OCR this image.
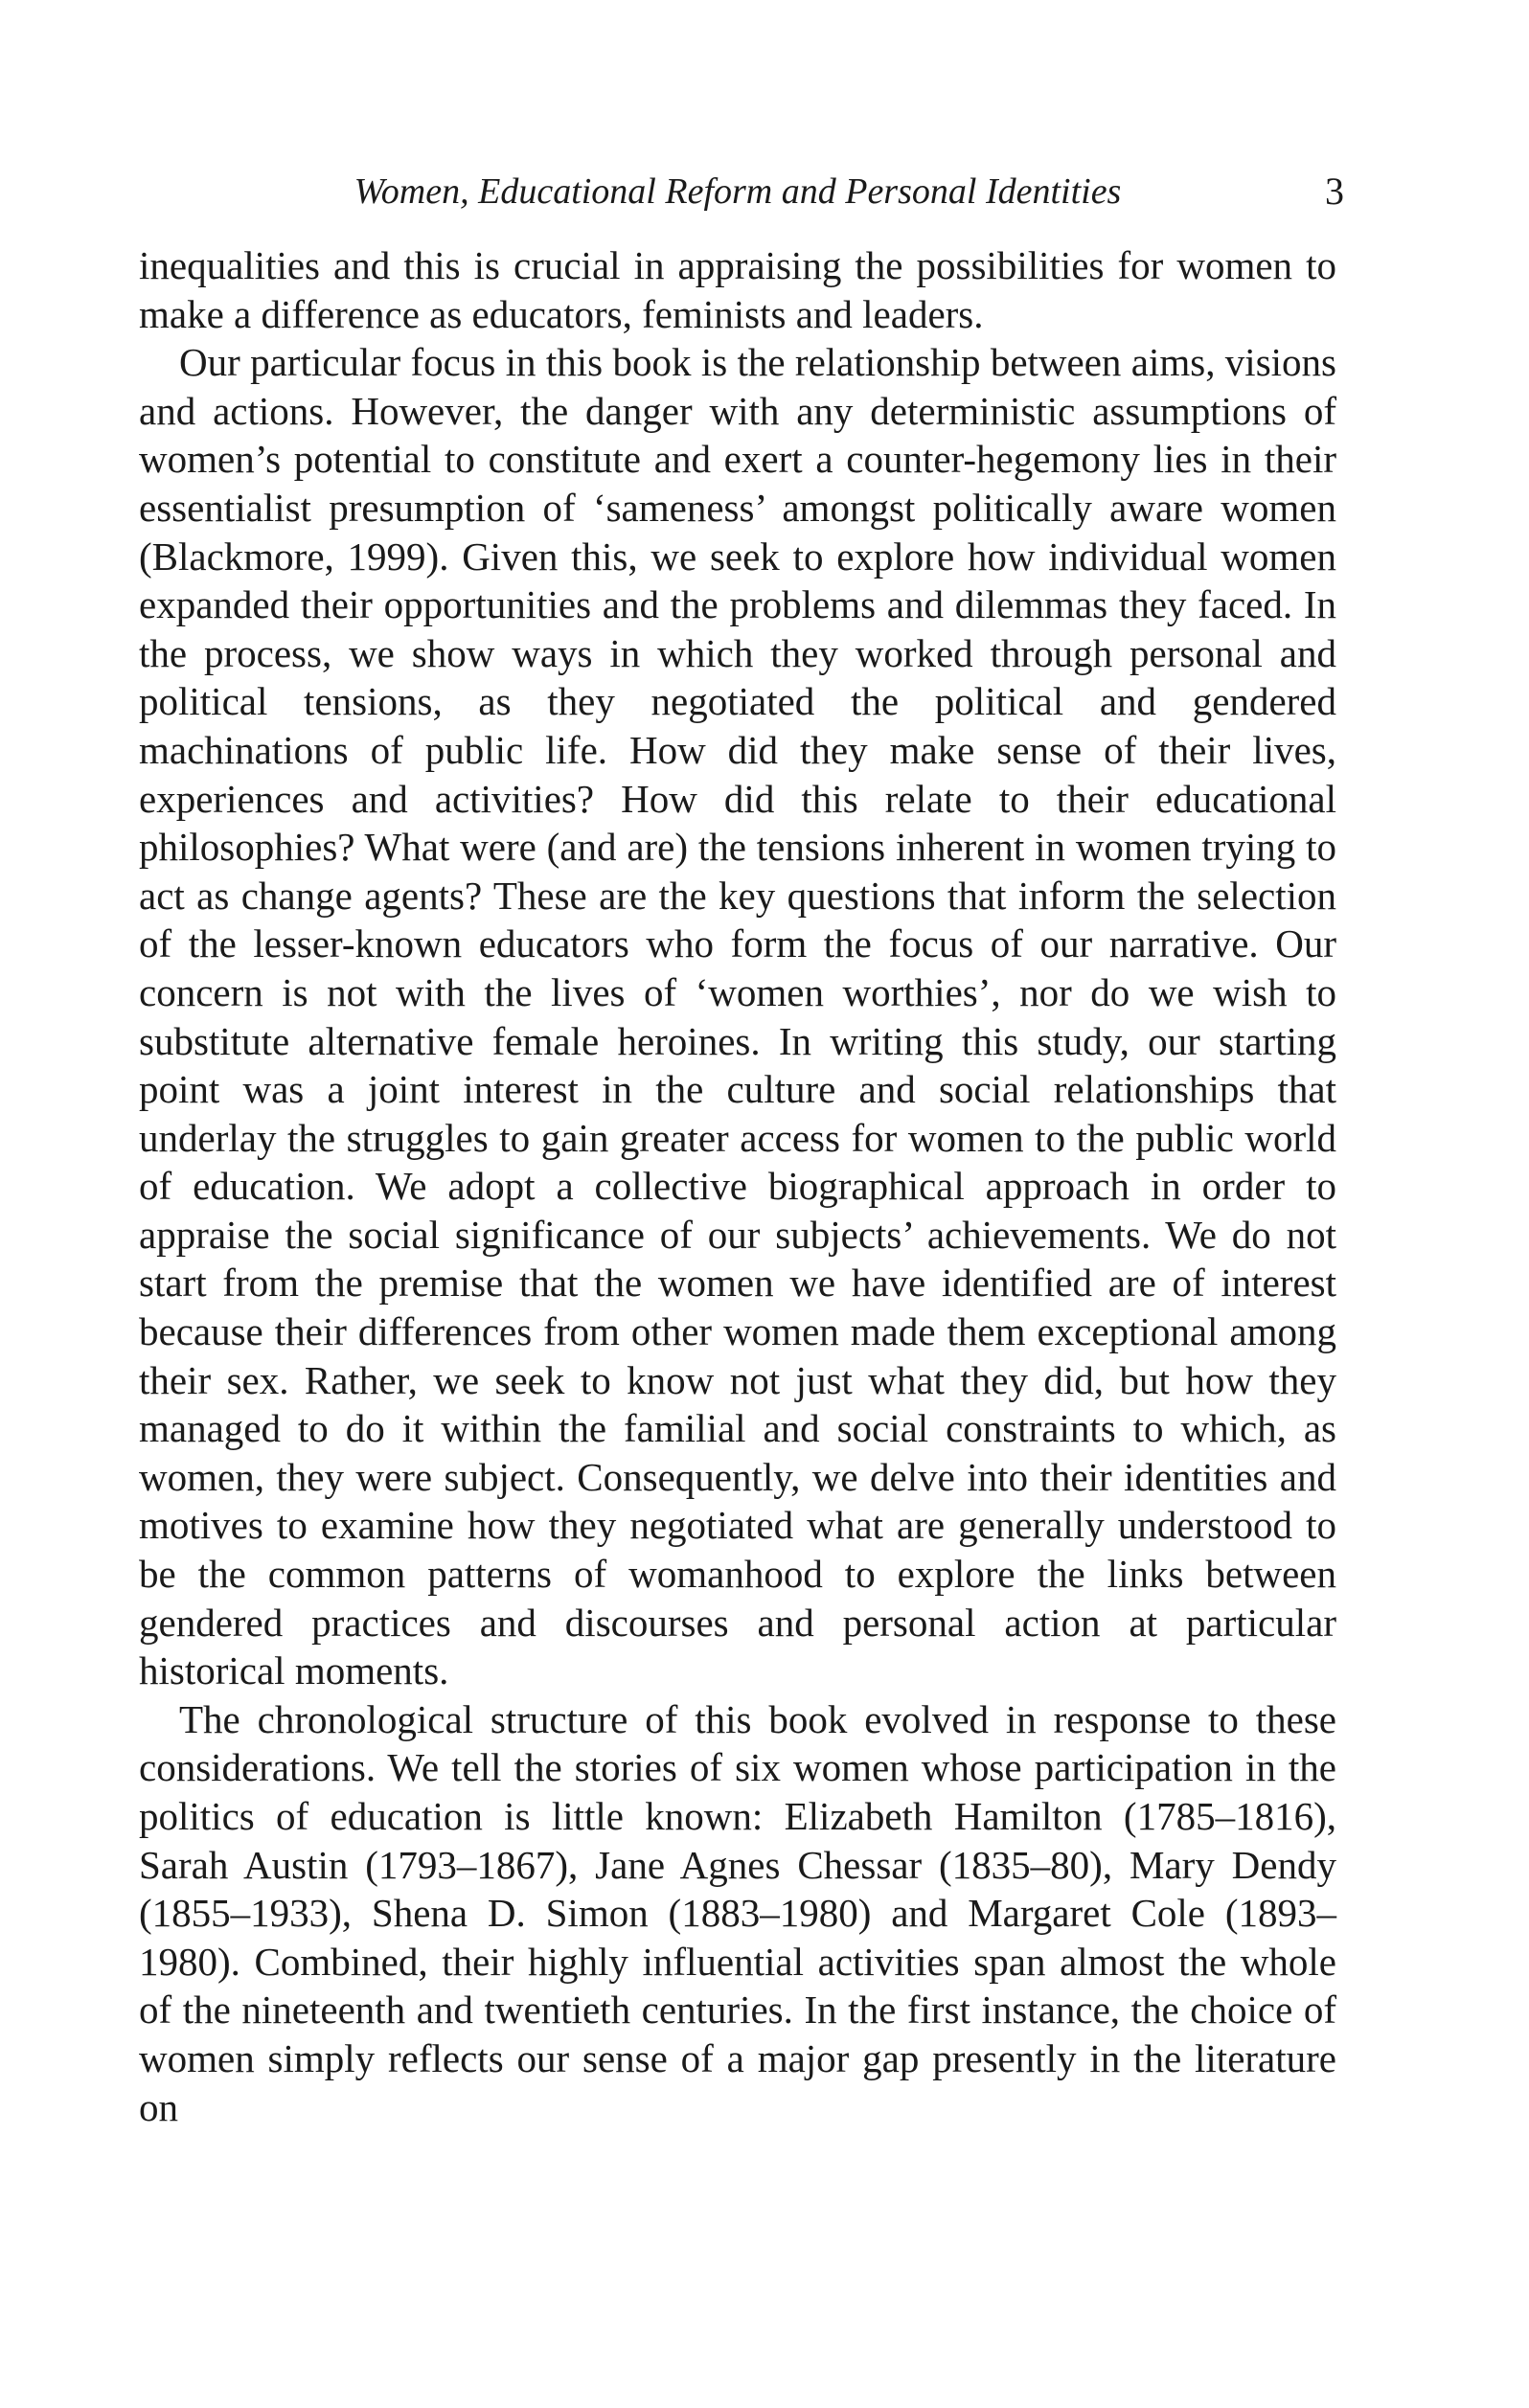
Women, Educational Reform and Personal Identities	3

inequalities and this is crucial in appraising the possibilities for women to make a difference as educators, feminists and leaders.

Our particular focus in this book is the relationship between aims, visions and actions. However, the danger with any deterministic assumptions of women’s potential to constitute and exert a counter-hegemony lies in their essentialist presumption of ‘sameness’ amongst politically aware women (Blackmore, 1999). Given this, we seek to explore how individual women expanded their opportunities and the problems and dilemmas they faced. In the process, we show ways in which they worked through personal and political tensions, as they negotiated the political and gendered machinations of public life. How did they make sense of their lives, experiences and activities? How did this relate to their educational philosophies? What were (and are) the tensions inherent in women trying to act as change agents? These are the key questions that inform the selection of the lesser-known educators who form the focus of our narrative. Our concern is not with the lives of ‘women worthies’, nor do we wish to substitute alternative female heroines. In writing this study, our starting point was a joint interest in the culture and social relationships that underlay the struggles to gain greater access for women to the public world of education. We adopt a collective biographical approach in order to appraise the social significance of our subjects’ achievements. We do not start from the premise that the women we have identified are of interest because their differences from other women made them exceptional among their sex. Rather, we seek to know not just what they did, but how they managed to do it within the familial and social constraints to which, as women, they were subject. Consequently, we delve into their identities and motives to examine how they negotiated what are generally understood to be the common patterns of womanhood to explore the links between gendered practices and discourses and personal action at particular historical moments.

The chronological structure of this book evolved in response to these considerations. We tell the stories of six women whose participation in the politics of education is little known: Elizabeth Hamilton (1785–1816), Sarah Austin (1793–1867), Jane Agnes Chessar (1835–80), Mary Dendy (1855–1933), Shena D. Simon (1883–1980) and Margaret Cole (1893–1980). Combined, their highly influential activities span almost the whole of the nineteenth and twentieth centuries. In the first instance, the choice of women simply reflects our sense of a major gap presently in the literature on
